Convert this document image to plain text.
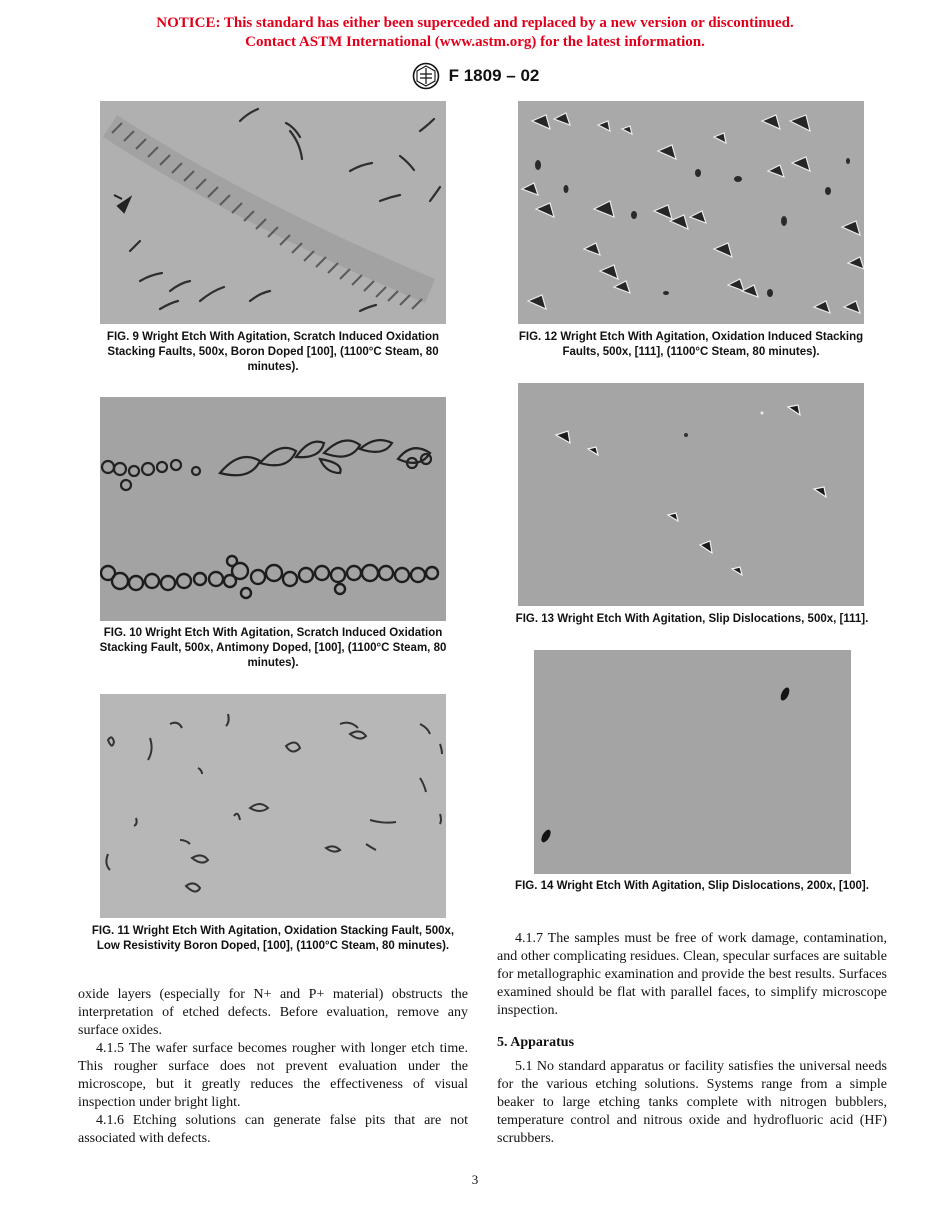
NOTICE: This standard has either been superceded and replaced by a new version or discontinued.
Contact ASTM International (www.astm.org) for the latest information.
F 1809 – 02
FIG. 9 Wright Etch With Agitation, Scratch Induced Oxidation Stacking Faults, 500x, Boron Doped [100], (1100°C Steam, 80 minutes).
FIG. 12 Wright Etch With Agitation, Oxidation Induced Stacking Faults, 500x, [111], (1100°C Steam, 80 minutes).
FIG. 10 Wright Etch With Agitation, Scratch Induced Oxidation Stacking Fault, 500x, Antimony Doped, [100], (1100°C Steam, 80 minutes).
FIG. 13 Wright Etch With Agitation, Slip Dislocations, 500x, [111].
FIG. 11 Wright Etch With Agitation, Oxidation Stacking Fault, 500x, Low Resistivity Boron Doped, [100], (1100°C Steam, 80 minutes).
FIG. 14 Wright Etch With Agitation, Slip Dislocations, 200x, [100].

oxide layers (especially for N+ and P+ material) obstructs the interpretation of etched defects. Before evaluation, remove any surface oxides.

4.1.5 The wafer surface becomes rougher with longer etch time. This rougher surface does not prevent evaluation under the microscope, but it greatly reduces the effectiveness of visual inspection under bright light.

4.1.6 Etching solutions can generate false pits that are not associated with defects.

4.1.7 The samples must be free of work damage, contamination, and other complicating residues. Clean, specular surfaces are suitable for metallographic examination and provide the best results. Surfaces examined should be flat with parallel faces, to simplify microscope inspection.

5. Apparatus

5.1 No standard apparatus or facility satisfies the universal needs for the various etching solutions. Systems range from a simple beaker to large etching tanks complete with nitrogen bubblers, temperature control and nitrous oxide and hydrofluoric acid (HF) scrubbers.

3
